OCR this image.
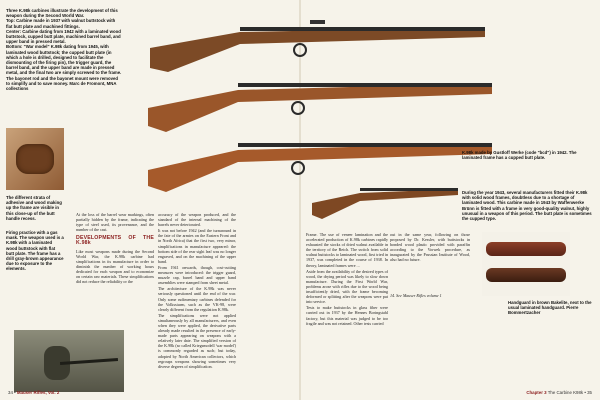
Three K.98k carbines illustrate the development of this weapon during the Second World War.

Top: Carbine made in 1937 with walnut buttstock with flat butt plate and machined fittings.

Center: Carbine dating from 1942 with a laminated wood buttstock, cupped butt plate, machined barrel band, and upper band in pressed metal.

Bottom: "War model" K.98k dating from 1945, with laminated wood buttstock; the cupped butt plate (in which a hole is drilled, designed to facilitate the dismounting of the firing pin), the trigger guard, the barrel band, and the upper band are made in pressed metal, and the final two are simply screwed to the frame. The bayonet rod and the bayonet mount were removed to simplify and to save money. Marc de Fromont, MNA collections

The different strata of adhesive and wood making up the frame are visible in this close-up of the butt handle recess.
Firing practice with a gas mask. The weapon used is a K.98k with a laminated wood buttstock with flat butt plate. The frame has a drill gray-brown appearance due to exposure to the elements.

At the loss of the barrel wear markings, often partially hidden by the frame, indicating the type of steel used, its provenance, and the number of the cast.

DEVELOPMENTS OF THE K.98k

Like most weapons made during the Second World War, the K.98k carbine had simplifications in its manufacture in order to diminish the number of working hours dedicated for each weapon and to economize on certain raw materials. These simplifications did not reduce the reliability or the

accuracy of the weapon produced, and the standard of the internal machining of the barrels never deteriorated.

It was not before 1942 (and the turnaround in the fate of the armies on the Eastern Front and in North Africa) that the first two, very minor, simplifications in manufacture appeared: the bottom side of the rear sight leaf was no longer engraved, and on the machining of the upper band.

From 1941 onwards, though, cost-cutting measures were introduced: the trigger guard, muzzle cap, barrel band and upper band assemblies were stamped from sheet metal.

The architecture of the K.98k was never seriously questioned until the end of the war. Only some rudimentary carbines defended for the Volkssturm, such as the VK-98, were clearly different from the regulation K.98k.

The simplifications were not applied simultaneously by all manufacturers, and even when they were applied, the derivative parts already made resulted in the presence of early-made parts appearing on weapons with a relatively later date. The simplified version of the K.98k (so called Kriegsmodell 'war model') is commonly regarded as such; but today, adopted by North American collectors, which regroups weapons showing sometimes very diverse degrees of simplification.

K.98k made by Gustloff Werke (code "bcd") in 1942. The laminated frame has a cupped butt plate.
During the year 1943, several manufacturers fitted their K.98k with solid wood frames, doubtless due to a shortage of laminated wood. This carbine made in 1943 by Waffenwerke Brünn is fitted with a frame in very good-quality walnut, highly unusual in a weapon of this period. The butt plate is sometimes the cupped type.

Frame. The use of veneer lamination and the accelerated production of K.98k carbines rapidly exhausted the stocks of dried walnut available in the territory of the Reich. The switch from solid walnut buttstocks to laminated wood, first tried in 1937, was completed in the course of 1938. In theory, laminated frames were ...

Aside from the availability of the desired types of wood, the drying period was likely to slow down manufacture. During the First World War, problems arose with rifles due to the wood being insufficiently dried, with the frame becoming deformed or splitting after the weapons were put into service.

Tests to make buttstocks in glass fiber were carried out in 1937 by the Hennes Boringstahl factory, but this material was judged to be too fragile and was not retained. Other tests carried

out in the same year, following on those proposed by Dr. Kessler, with buttstocks in bonded wood plastic provided with paraffin according to the Vorwek procedure, as inaugurated by the Prussian Institute of Wood, also had no future.

14. See Mauser Rifles volume 1

Handguard in brown Bakelite, next to the usual laminated handguard. Pierre Bommertzacher
34 • Mauser Rifles, Vol. 2	Chapter 3 The Carbine K98k • 35
